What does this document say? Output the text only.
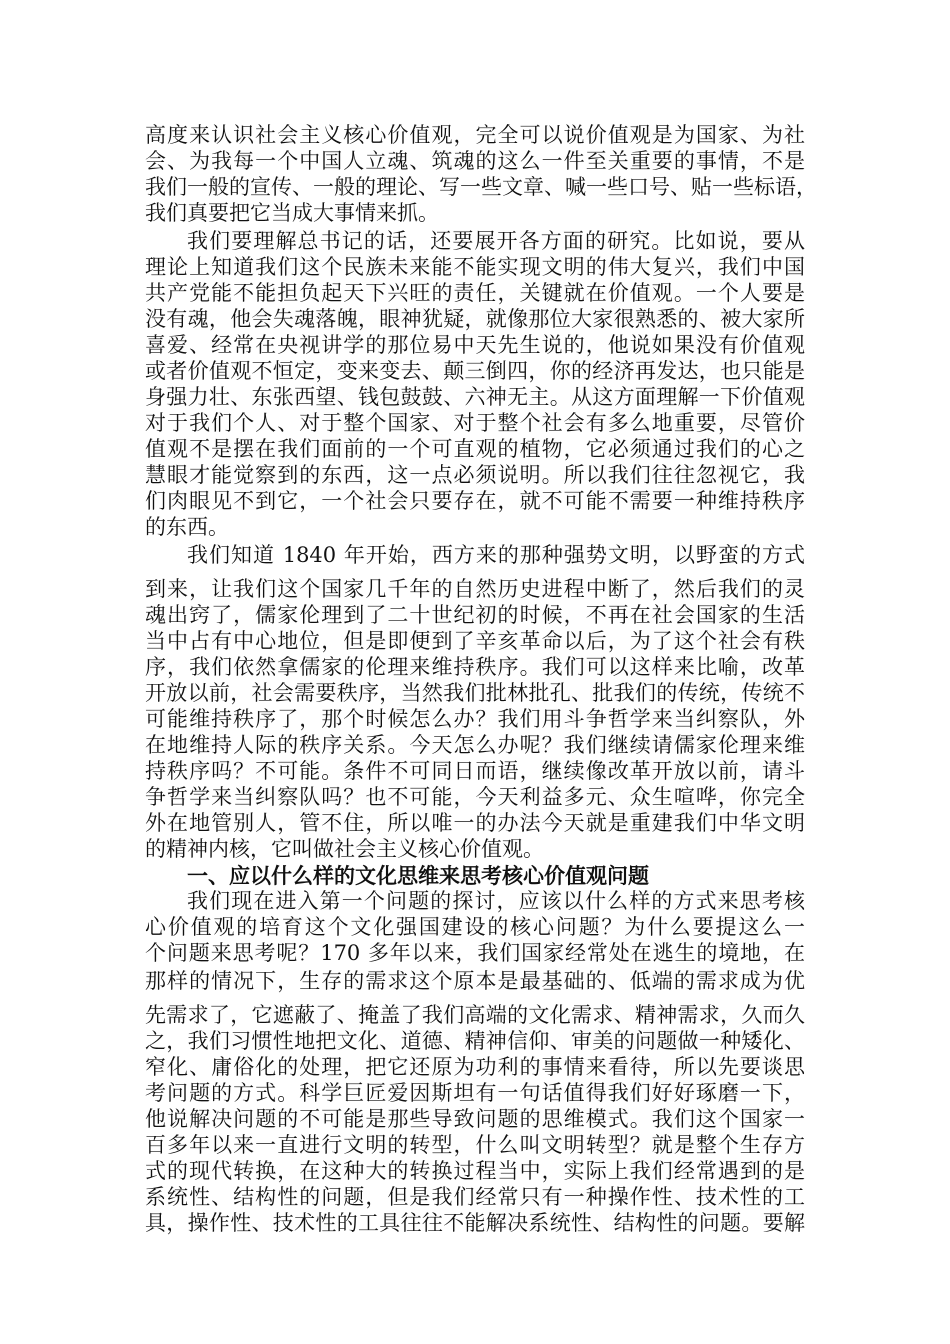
高度来认识社会主义核心价值观，完全可以说价值观是为国家、为社
会、为我每一个中国人立魂、筑魂的这么一件至关重要的事情，不是
我们一般的宣传、一般的理论、写一些文章、喊一些口号、贴一些标语，
我们真要把它当成大事情来抓。
我们要理解总书记的话，还要展开各方面的研究。比如说，要从
理论上知道我们这个民族未来能不能实现文明的伟大复兴，我们中国
共产党能不能担负起天下兴旺的责任，关键就在价值观。一个人要是
没有魂，他会失魂落魄，眼神犹疑，就像那位大家很熟悉的、被大家所
喜爱、经常在央视讲学的那位易中天先生说的，他说如果没有价值观
或者价值观不恒定，变来变去、颠三倒四，你的经济再发达，也只能是
身强力壮、东张西望、钱包鼓鼓、六神无主。从这方面理解一下价值观
对于我们个人、对于整个国家、对于整个社会有多么地重要，尽管价
值观不是摆在我们面前的一个可直观的植物，它必须通过我们的心之
慧眼才能觉察到的东西，这一点必须说明。所以我们往往忽视它，我
们肉眼见不到它，一个社会只要存在，就不可能不需要一种维持秩序
的东西。
我们知道 1840 年开始，西方来的那种强势文明，以野蛮的方式
到来，让我们这个国家几千年的自然历史进程中断了，然后我们的灵
魂出窍了，儒家伦理到了二十世纪初的时候，不再在社会国家的生活
当中占有中心地位，但是即便到了辛亥革命以后，为了这个社会有秩
序，我们依然拿儒家的伦理来维持秩序。我们可以这样来比喻，改革
开放以前，社会需要秩序，当然我们批林批孔、批我们的传统，传统不
可能维持秩序了，那个时候怎么办？我们用斗争哲学来当纠察队，外
在地维持人际的秩序关系。今天怎么办呢？我们继续请儒家伦理来维
持秩序吗？不可能。条件不可同日而语，继续像改革开放以前，请斗
争哲学来当纠察队吗？也不可能，今天利益多元、众生喧哗，你完全
外在地管别人，管不住，所以唯一的办法今天就是重建我们中华文明
的精神内核，它叫做社会主义核心价值观。
一、应以什么样的文化思维来思考核心价值观问题
我们现在进入第一个问题的探讨，应该以什么样的方式来思考核
心价值观的培育这个文化强国建设的核心问题？为什么要提这么一
个问题来思考呢？170 多年以来，我们国家经常处在逃生的境地，在
那样的情况下，生存的需求这个原本是最基础的、低端的需求成为优
先需求了，它遮蔽了、掩盖了我们高端的文化需求、精神需求，久而久
之，我们习惯性地把文化、道德、精神信仰、审美的问题做一种矮化、
窄化、庸俗化的处理，把它还原为功利的事情来看待，所以先要谈思
考问题的方式。科学巨匠爱因斯坦有一句话值得我们好好琢磨一下，
他说解决问题的不可能是那些导致问题的思维模式。我们这个国家一
百多年以来一直进行文明的转型，什么叫文明转型？就是整个生存方
式的现代转换，在这种大的转换过程当中，实际上我们经常遇到的是
系统性、结构性的问题，但是我们经常只有一种操作性、技术性的工
具，操作性、技术性的工具往往不能解决系统性、结构性的问题。要解
